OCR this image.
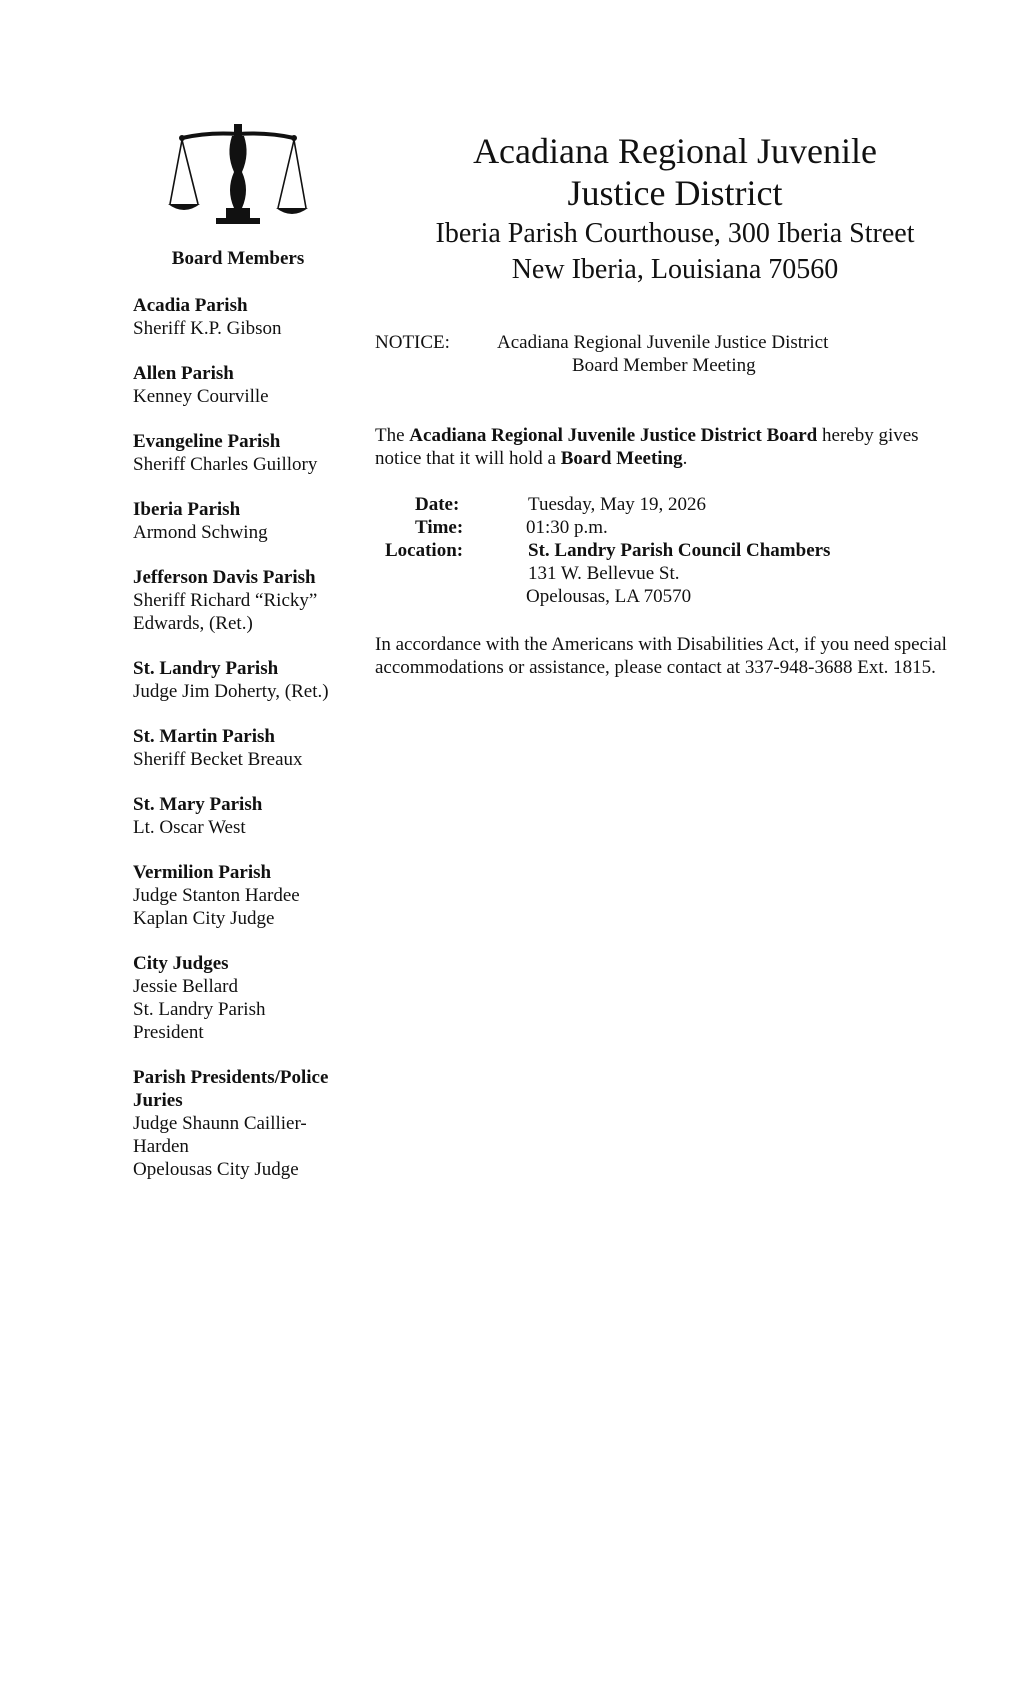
Board Members
Acadia Parish
Sheriff K.P. Gibson
Allen Parish
Kenney Courville
Evangeline Parish
Sheriff Charles Guillory
Iberia Parish
Armond Schwing
Jefferson Davis Parish
Sheriff Richard “Ricky”
Edwards, (Ret.)
St. Landry Parish
Judge Jim Doherty, (Ret.)
St. Martin Parish
Sheriff Becket Breaux
St. Mary Parish
Lt. Oscar West
Vermilion Parish
Judge Stanton Hardee
Kaplan City Judge
City Judges
Jessie Bellard
St. Landry Parish
President
Parish Presidents/Police
Juries
Judge Shaunn Caillier-
Harden
Opelousas City Judge
Acadiana Regional Juvenile
Justice District
Iberia Parish Courthouse, 300 Iberia Street
New Iberia, Louisiana 70560
NOTICE: Acadiana Regional Juvenile Justice District
Board Member Meeting
The Acadiana Regional Juvenile Justice District Board hereby gives notice that it will hold a Board Meeting.
Date:	Tuesday, May 19, 2026
Time:	01:30 p.m.
Location:	St. Landry Parish Council Chambers
131 W. Bellevue St.
Opelousas, LA 70570
In accordance with the Americans with Disabilities Act, if you need special accommodations or assistance, please contact at 337-948-3688 Ext. 1815.
